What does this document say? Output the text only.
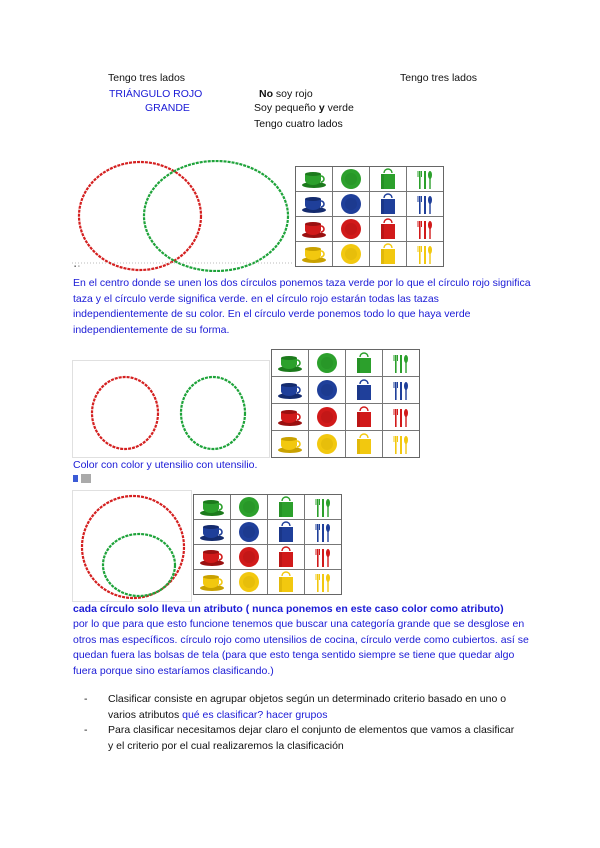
Tengo tres lados	Tengo tres lados
TRIÁNGULO ROJO
GRANDE
No soy rojo
Soy pequeño y verde
Tengo cuatro lados
▪ ▫
En el centro donde se unen los dos círculos ponemos taza verde por lo que el círculo rojo significa taza y el círculo verde significa verde. en el círculo rojo estarán todas las tazas independientemente de su color. En el círculo verde ponemos todo lo que haya verde independientemente de su forma.
Color con color y utensilio con utensilio.
cada círculo solo lleva un atributo ( nunca ponemos en este caso color como atributo)
por lo que para que esto funcione tenemos que buscar una categoría grande que se desglose en otros mas específicos. círculo rojo como utensilios de cocina, círculo verde como cubiertos. así se quedan fuera las bolsas de tela (para que esto tenga sentido siempre se tiene que quedar algo fuera porque sino estaríamos clasificando.)
-	Clasificar consiste en agrupar objetos según un determinado criterio basado en uno o varios atributos qué es clasificar? hacer grupos
-	Para clasificar necesitamos dejar claro el conjunto de elementos que vamos a clasificar y el criterio por el cual realizaremos la clasificación
